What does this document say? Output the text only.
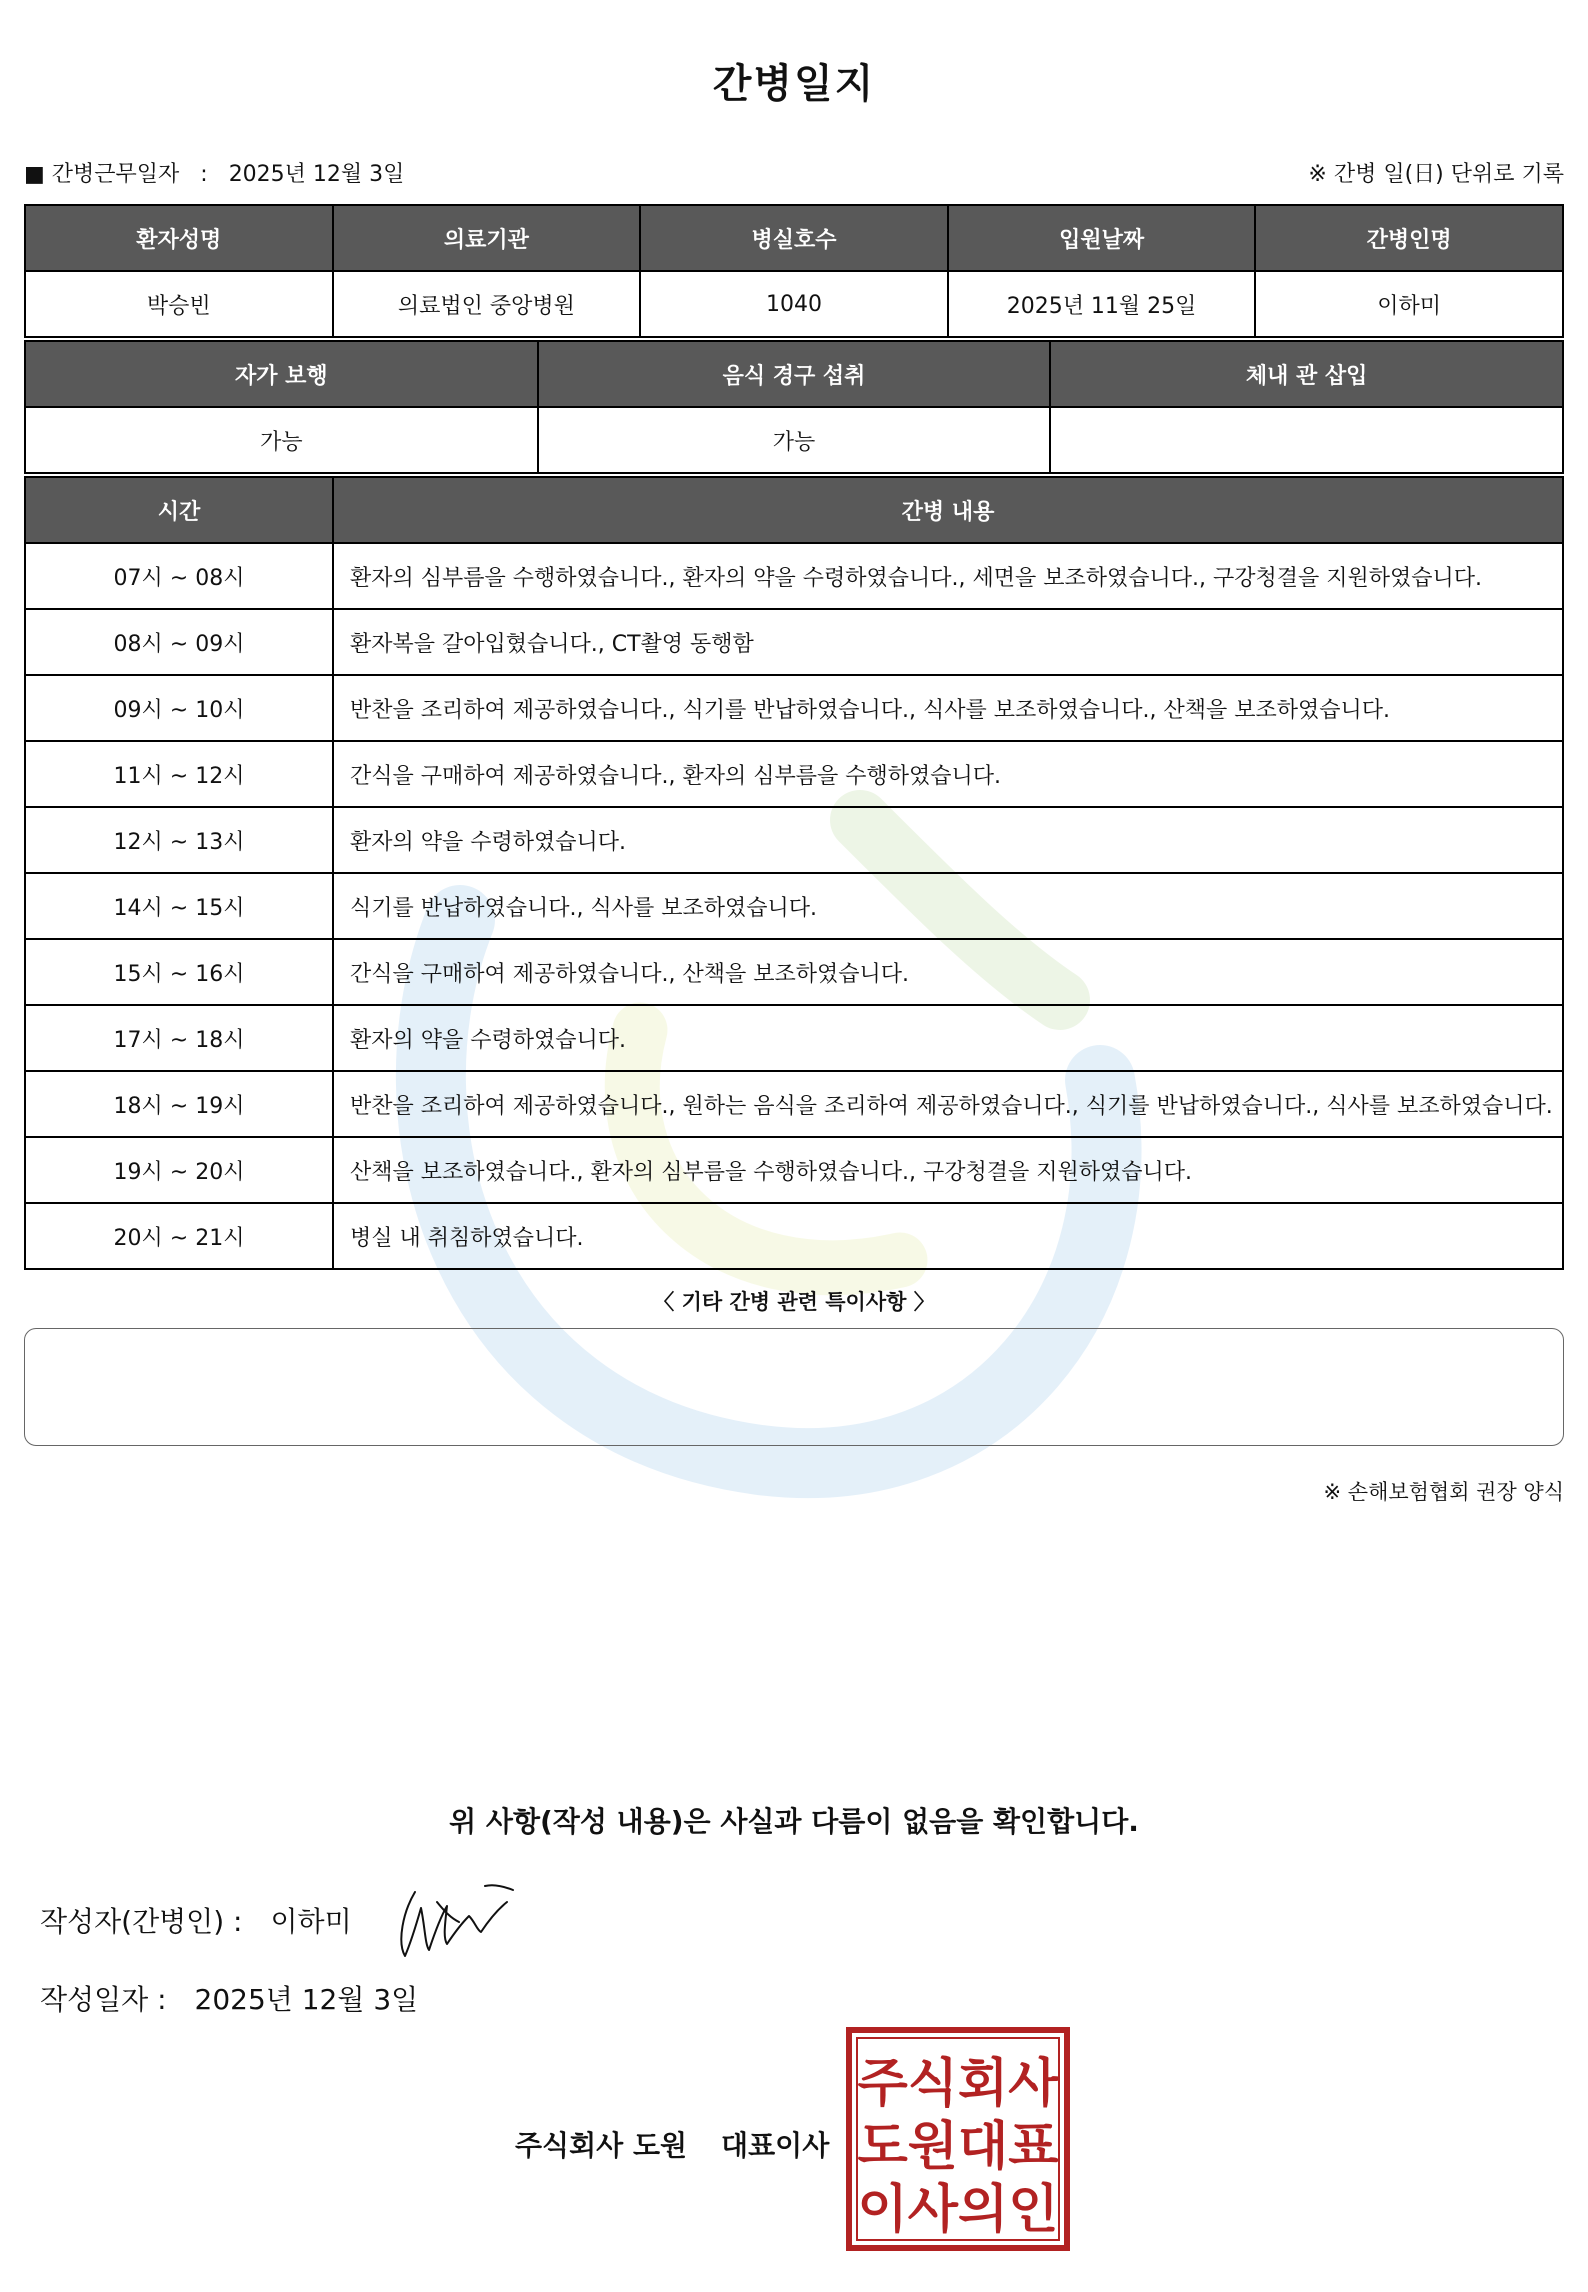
간병일지
■ 간병근무일자 : 2025년 12월 3일	※ 간병 일(日) 단위로 기록
환자성명	의료기관	병실호수	입원날짜	간병인명
박승빈	의료법인 중앙병원	1040	2025년 11월 25일	이하미
자가 보행	음식 경구 섭취	체내 관 삽입
가능	가능	
시간	간병 내용
07시 ~ 08시	환자의 심부름을 수행하였습니다., 환자의 약을 수령하였습니다., 세면을 보조하였습니다., 구강청결을 지원하였습니다.
08시 ~ 09시	환자복을 갈아입혔습니다., CT촬영 동행함
09시 ~ 10시	반찬을 조리하여 제공하였습니다., 식기를 반납하였습니다., 식사를 보조하였습니다., 산책을 보조하였습니다.
11시 ~ 12시	간식을 구매하여 제공하였습니다., 환자의 심부름을 수행하였습니다.
12시 ~ 13시	환자의 약을 수령하였습니다.
14시 ~ 15시	식기를 반납하였습니다., 식사를 보조하였습니다.
15시 ~ 16시	간식을 구매하여 제공하였습니다., 산책을 보조하였습니다.
17시 ~ 18시	환자의 약을 수령하였습니다.
18시 ~ 19시	반찬을 조리하여 제공하였습니다., 원하는 음식을 조리하여 제공하였습니다., 식기를 반납하였습니다., 식사를 보조하였습니다.
19시 ~ 20시	산책을 보조하였습니다., 환자의 심부름을 수행하였습니다., 구강청결을 지원하였습니다.
20시 ~ 21시	병실 내 취침하였습니다.
〈 기타 간병 관련 특이사항 〉
※ 손해보험협회 권장 양식
위 사항(작성 내용)은 사실과 다름이 없음을 확인합니다.
작성자(간병인) : 이하미
작성일자 : 2025년 12월 3일
주식회사 도원 대표이사
주식회사
도원대표
이사의인
